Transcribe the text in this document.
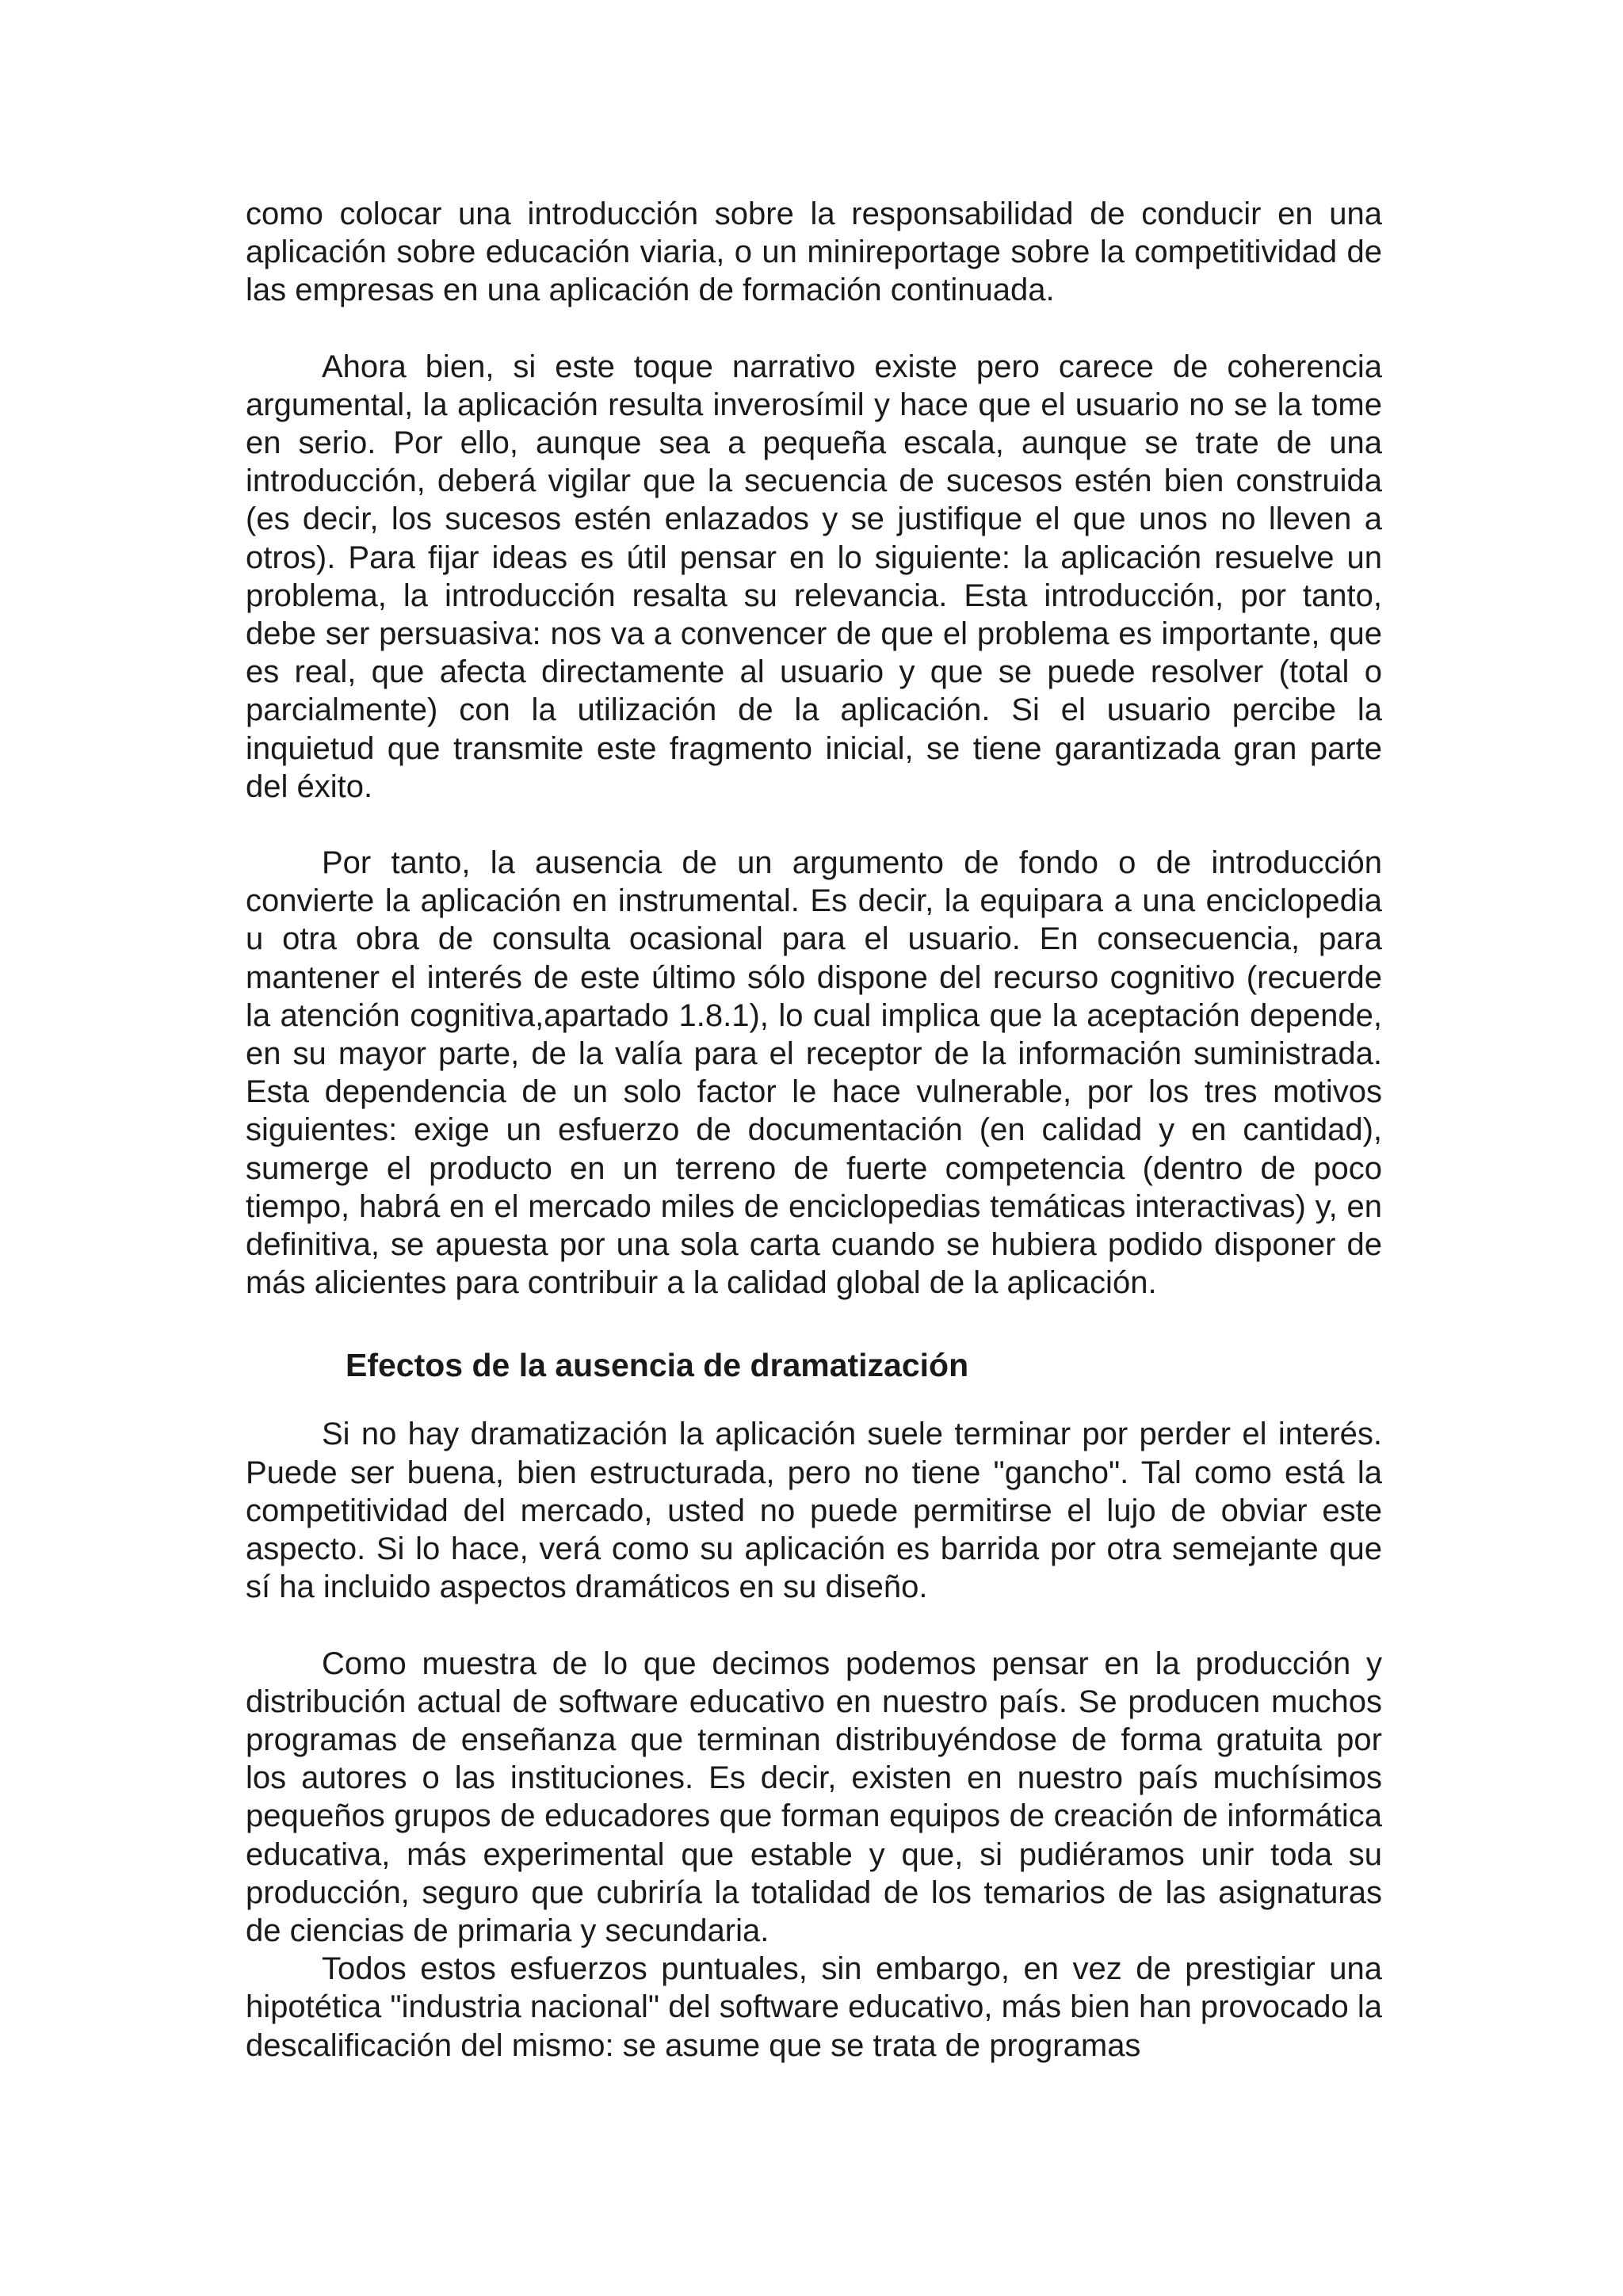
como colocar una introducción sobre la responsabilidad de conducir en una aplicación sobre educación viaria, o un minireportage sobre la competitividad de las empresas en una aplicación de formación continuada.

Ahora bien, si este toque narrativo existe pero carece de coherencia argumental, la aplicación resulta inverosímil y hace que el usuario no se la tome en serio. Por ello, aunque sea a pequeña escala, aunque se trate de una introducción, deberá vigilar que la secuencia de sucesos estén bien construida (es decir, los sucesos estén enlazados y se justifique el que unos no lleven a otros). Para fijar ideas es útil pensar en lo siguiente: la aplicación resuelve un problema, la introducción resalta su relevancia. Esta introducción, por tanto, debe ser persuasiva: nos va a convencer de que el problema es importante, que es real, que afecta directamente al usuario y que se puede resolver (total o parcialmente) con la utilización de la aplicación. Si el usuario percibe la inquietud que transmite este fragmento inicial, se tiene garantizada gran parte del éxito.

Por tanto, la ausencia de un argumento de fondo o de introducción convierte la aplicación en instrumental. Es decir, la equipara a una enciclopedia u otra obra de consulta ocasional para el usuario. En consecuencia, para mantener el interés de este último sólo dispone del recurso cognitivo (recuerde la atención cognitiva,apartado 1.8.1), lo cual implica que la aceptación depende, en su mayor parte, de la valía para el receptor de la información suministrada. Esta dependencia de un solo factor le hace vulnerable, por los tres motivos siguientes: exige un esfuerzo de documentación (en calidad y en cantidad), sumerge el producto en un terreno de fuerte competencia (dentro de poco tiempo, habrá en el mercado miles de enciclopedias temáticas interactivas) y, en definitiva, se apuesta por una sola carta cuando se hubiera podido disponer de más alicientes para contribuir a la calidad global de la aplicación.

Efectos de la ausencia de dramatización

Si no hay dramatización la aplicación suele terminar por perder el interés. Puede ser buena, bien estructurada, pero no tiene "gancho". Tal como está la competitividad del mercado, usted no puede permitirse el lujo de obviar este aspecto. Si lo hace, verá como su aplicación es barrida por otra semejante que sí ha incluido aspectos dramáticos en su diseño.

Como muestra de lo que decimos podemos pensar en la producción y distribución actual de software educativo en nuestro país. Se producen muchos programas de enseñanza que terminan distribuyéndose de forma gratuita por los autores o las instituciones. Es decir, existen en nuestro país muchísimos pequeños grupos de educadores que forman equipos de creación de informática educativa, más experimental que estable y que, si pudiéramos unir toda su producción, seguro que cubriría la totalidad de los temarios de las asignaturas de ciencias de primaria y secundaria.

Todos estos esfuerzos puntuales, sin embargo, en vez de prestigiar una hipotética "industria nacional" del software educativo, más bien han provocado la descalificación del mismo: se asume que se trata de programas
